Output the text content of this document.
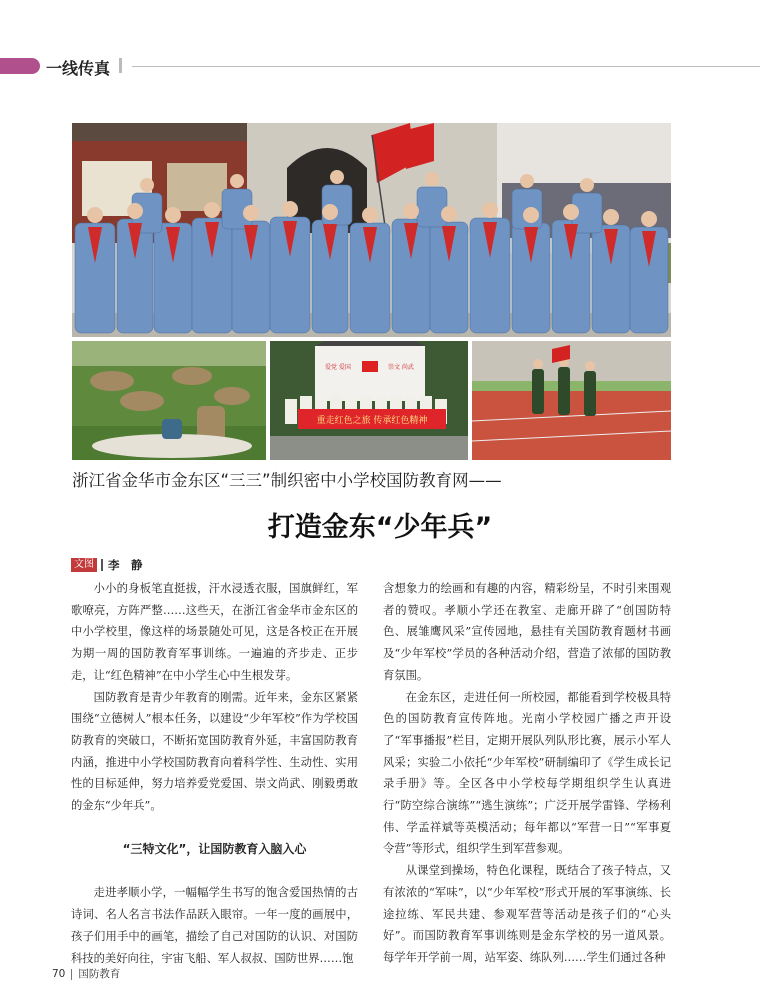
一线传真
爱党 爱国	崇文 尚武
重走红色之旅 传承红色精神
浙江省金华市金东区“三三”制织密中小学校国防教育网——
打造金东“少年兵”
文图 李　静

小小的身板笔直挺拔，汗水浸透衣服，国旗鲜红，军歌嘹亮，方阵严整……这些天，在浙江省金华市金东区的中小学校里，像这样的场景随处可见，这是各校正在开展为期一周的国防教育军事训练。一遍遍的齐步走、正步走，让“红色精神”在中小学生心中生根发芽。

国防教育是青少年教育的刚需。近年来，金东区紧紧围绕“立德树人”根本任务，以建设“少年军校”作为学校国防教育的突破口，不断拓宽国防教育外延，丰富国防教育内涵，推进中小学校国防教育向着科学性、生动性、实用性的目标延伸，努力培养爱党爱国、崇文尚武、刚毅勇敢的金东“少年兵”。

“三特文化”，让国防教育入脑入心

走进孝顺小学，一幅幅学生书写的饱含爱国热情的古诗词、名人名言书法作品跃入眼帘。一年一度的画展中，孩子们用手中的画笔，描绘了自己对国防的认识、对国防科技的美好向往，宇宙飞船、军人叔叔、国防世界……饱

含想象力的绘画和有趣的内容，精彩纷呈，不时引来围观者的赞叹。孝顺小学还在教室、走廊开辟了“创国防特色、展雏鹰风采”宣传园地，悬挂有关国防教育题材书画及“少年军校”学员的各种活动介绍，营造了浓郁的国防教育氛围。

在金东区，走进任何一所校园，都能看到学校极具特色的国防教育宣传阵地。光南小学校园广播之声开设了“军事播报”栏目，定期开展队列队形比赛，展示小军人风采；实验二小依托“少年军校”研制编印了《学生成长记录手册》等。全区各中小学校每学期组织学生认真进行“防空综合演练”“逃生演练”；广泛开展学雷锋、学杨利伟、学孟祥斌等英模活动；每年都以“军营一日”“军事夏令营”等形式，组织学生到军营参观。

从课堂到操场，特色化课程，既结合了孩子特点，又有浓浓的“军味”，以“少年军校”形式开展的军事演练、长途拉练、军民共建、参观军营等活动是孩子们的“心头好”。而国防教育军事训练则是金东学校的另一道风景。每学年开学前一周，站军姿、练队列……学生们通过各种

70 国防教育
